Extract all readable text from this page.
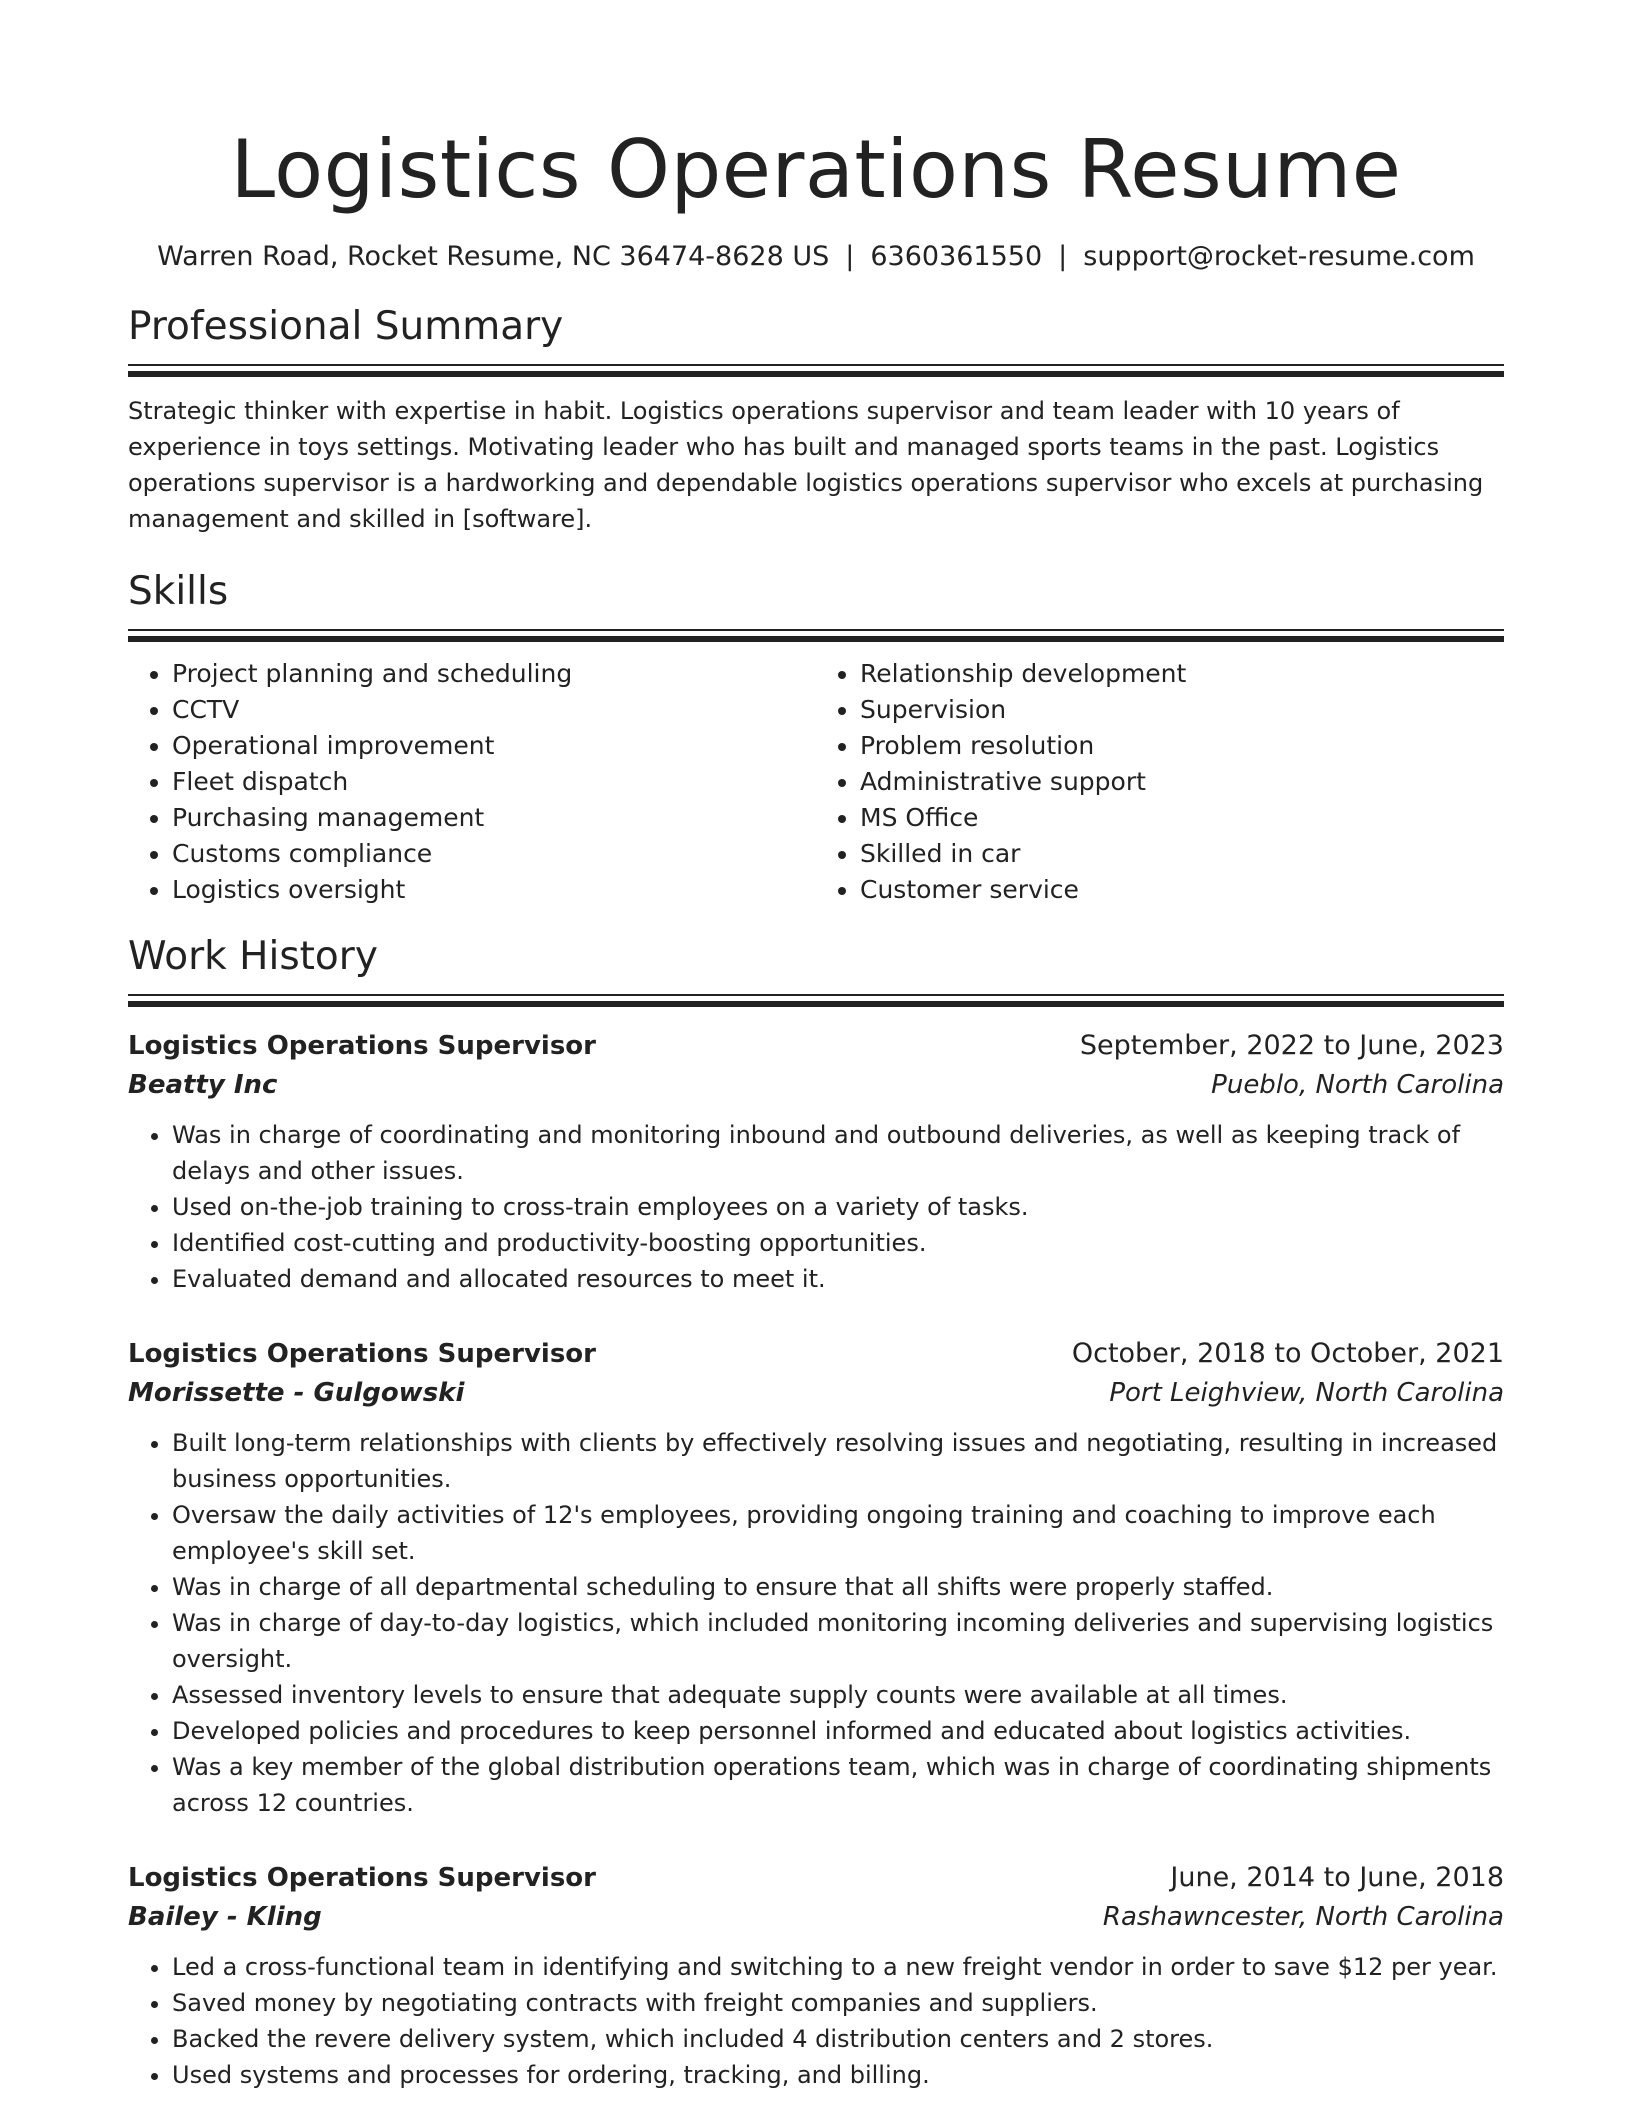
Logistics Operations Resume
Warren Road, Rocket Resume, NC 36474-8628 US | 6360361550 | support@rocket-resume.com
Professional Summary

Strategic thinker with expertise in habit. Logistics operations supervisor and team leader with 10 years of experience in toys settings. Motivating leader who has built and managed sports teams in the past. Logistics operations supervisor is a hardworking and dependable logistics operations supervisor who excels at purchasing management and skilled in [software].

Skills
• Project planning and scheduling
• CCTV
• Operational improvement
• Fleet dispatch
• Purchasing management
• Customs compliance
• Logistics oversight
• Relationship development
• Supervision
• Problem resolution
• Administrative support
• MS Office
• Skilled in car
• Customer service
Work History
Logistics Operations Supervisor	September, 2022 to June, 2023
Beatty Inc	Pueblo, North Carolina
• Was in charge of coordinating and monitoring inbound and outbound deliveries, as well as keeping track of delays and other issues.
• Used on-the-job training to cross-train employees on a variety of tasks.
• Identified cost-cutting and productivity-boosting opportunities.
• Evaluated demand and allocated resources to meet it.
Logistics Operations Supervisor	October, 2018 to October, 2021
Morissette - Gulgowski	Port Leighview, North Carolina
• Built long-term relationships with clients by effectively resolving issues and negotiating, resulting in increased business opportunities.
• Oversaw the daily activities of 12's employees, providing ongoing training and coaching to improve each employee's skill set.
• Was in charge of all departmental scheduling to ensure that all shifts were properly staffed.
• Was in charge of day-to-day logistics, which included monitoring incoming deliveries and supervising logistics oversight.
• Assessed inventory levels to ensure that adequate supply counts were available at all times.
• Developed policies and procedures to keep personnel informed and educated about logistics activities.
• Was a key member of the global distribution operations team, which was in charge of coordinating shipments across 12 countries.
Logistics Operations Supervisor	June, 2014 to June, 2018
Bailey - Kling	Rashawncester, North Carolina
• Led a cross-functional team in identifying and switching to a new freight vendor in order to save $12 per year.
• Saved money by negotiating contracts with freight companies and suppliers.
• Backed the revere delivery system, which included 4 distribution centers and 2 stores.
• Used systems and processes for ordering, tracking, and billing.
